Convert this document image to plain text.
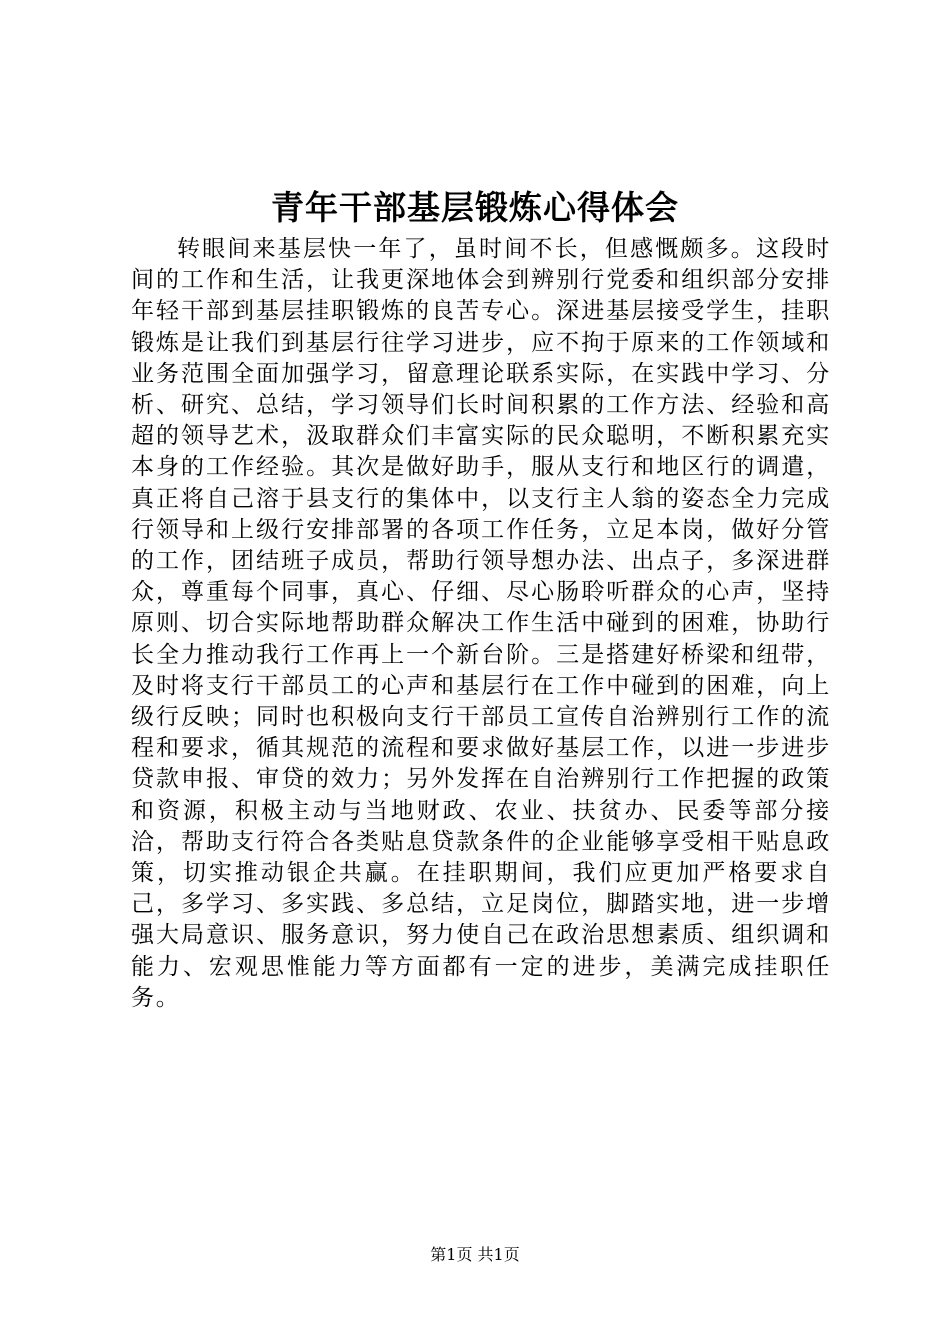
青年干部基层锻炼心得体会

转眼间来基层快一年了，虽时间不长，但感慨颇多。这段时间的工作和生活，让我更深地体会到辨别行党委和组织部分安排年轻干部到基层挂职锻炼的良苦专心。深进基层接受学生，挂职锻炼是让我们到基层行往学习进步，应不拘于原来的工作领域和业务范围全面加强学习，留意理论联系实际，在实践中学习、分析、研究、总结，学习领导们长时间积累的工作方法、经验和高超的领导艺术，汲取群众们丰富实际的民众聪明，不断积累充实本身的工作经验。其次是做好助手，服从支行和地区行的调遣，真正将自己溶于县支行的集体中，以支行主人翁的姿态全力完成行领导和上级行安排部署的各项工作任务，立足本岗，做好分管的工作，团结班子成员，帮助行领导想办法、出点子，多深进群众，尊重每个同事，真心、仔细、尽心肠聆听群众的心声，坚持原则、切合实际地帮助群众解决工作生活中碰到的困难，协助行长全力推动我行工作再上一个新台阶。三是搭建好桥梁和纽带，及时将支行干部员工的心声和基层行在工作中碰到的困难，向上级行反映；同时也积极向支行干部员工宣传自治辨别行工作的流程和要求，循其规范的流程和要求做好基层工作，以进一步进步贷款申报、审贷的效力；另外发挥在自治辨别行工作把握的政策和资源，积极主动与当地财政、农业、扶贫办、民委等部分接洽，帮助支行符合各类贴息贷款条件的企业能够享受相干贴息政策，切实推动银企共赢。在挂职期间，我们应更加严格要求自己，多学习、多实践、多总结，立足岗位，脚踏实地，进一步增强大局意识、服务意识，努力使自己在政治思想素质、组织调和能力、宏观思惟能力等方面都有一定的进步，美满完成挂职任务。

第1页 共1页
